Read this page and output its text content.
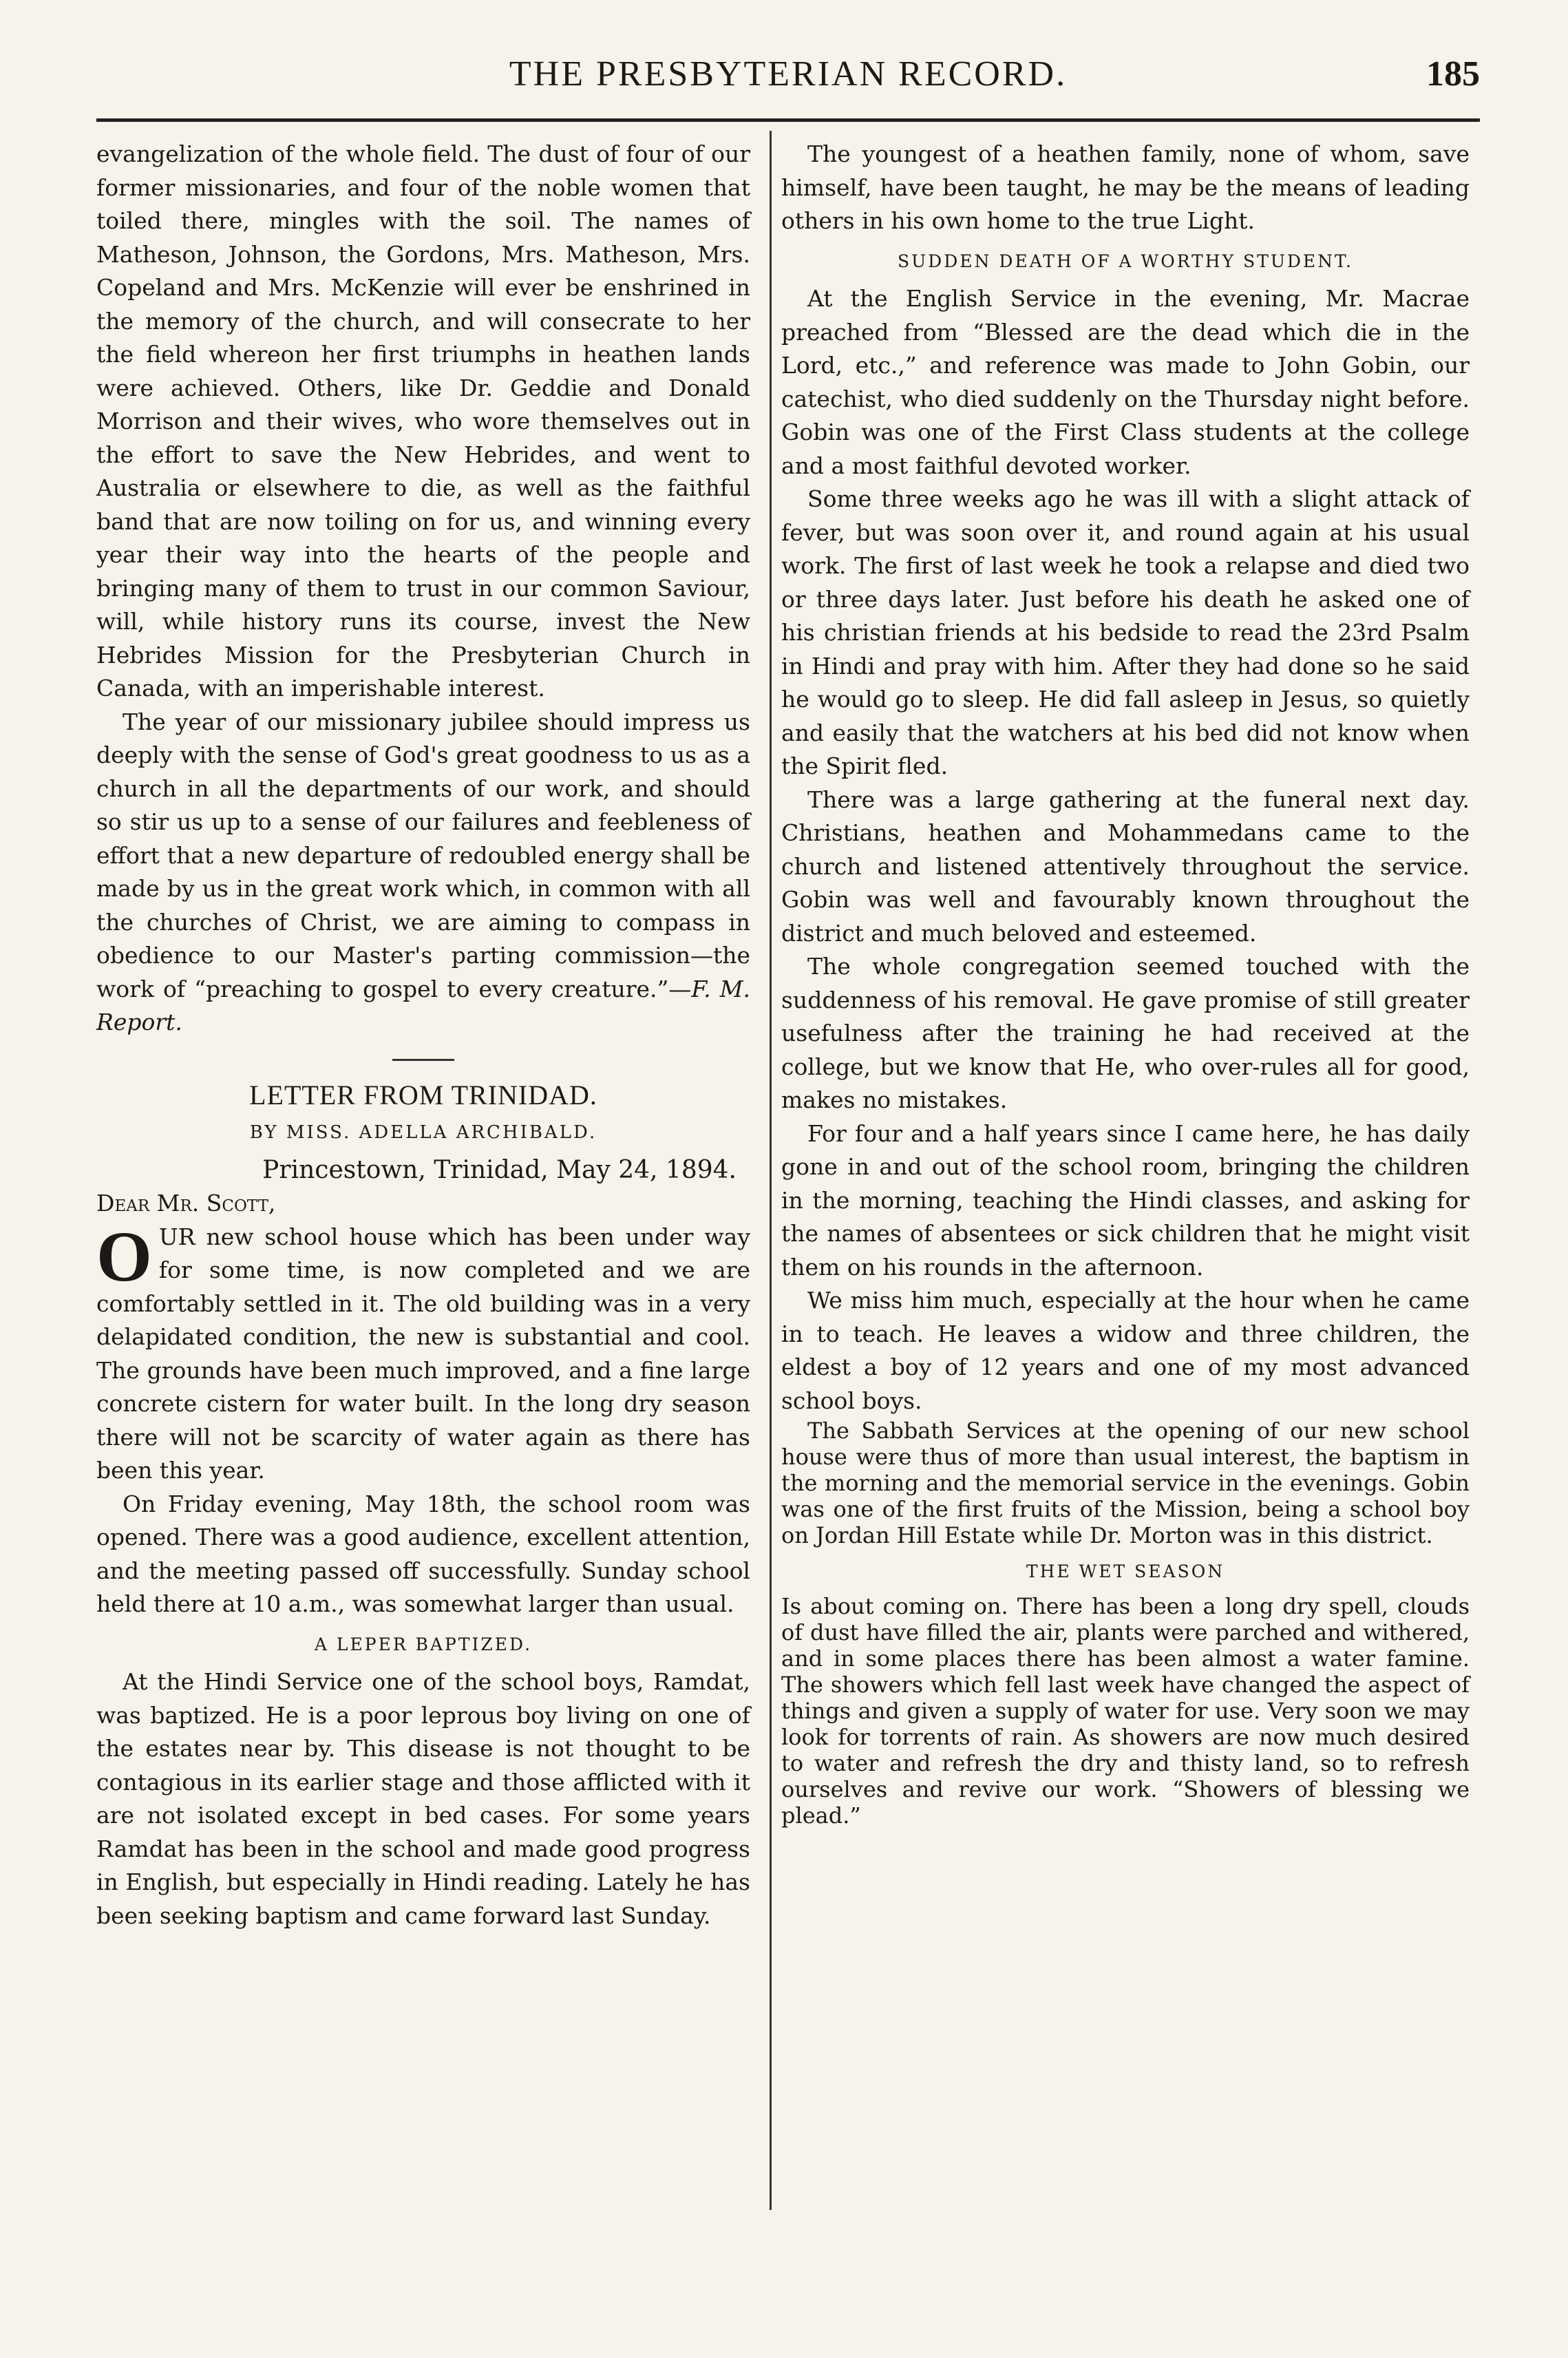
THE PRESBYTERIAN RECORD.	185

evangelization of the whole field. The dust of four of our former missionaries, and four of the noble women that toiled there, mingles with the soil. The names of Matheson, Johnson, the Gordons, Mrs. Matheson, Mrs. Copeland and Mrs. McKenzie will ever be enshrined in the memory of the church, and will consecrate to her the field whereon her first triumphs in heathen lands were achieved. Others, like Dr. Geddie and Donald Morrison and their wives, who wore themselves out in the effort to save the New Hebrides, and went to Australia or elsewhere to die, as well as the faithful band that are now toiling on for us, and winning every year their way into the hearts of the people and bringing many of them to trust in our common Saviour, will, while history runs its course, invest the New Hebrides Mission for the Presbyterian Church in Canada, with an imperishable interest.

The year of our missionary jubilee should impress us deeply with the sense of God's great goodness to us as a church in all the departments of our work, and should so stir us up to a sense of our failures and feebleness of effort that a new departure of redoubled energy shall be made by us in the great work which, in common with all the churches of Christ, we are aiming to compass in obedience to our Master's parting commission—the work of “preaching to gospel to every creature.”—F. M. Report.

LETTER FROM TRINIDAD.

BY MISS. ADELLA ARCHIBALD.

Princestown, Trinidad, May 24, 1894.

Dear Mr. Scott,

OUR new school house which has been under way for some time, is now completed and we are comfortably settled in it. The old building was in a very delapidated condition, the new is substantial and cool. The grounds have been much improved, and a fine large concrete cistern for water built. In the long dry season there will not be scarcity of water again as there has been this year.

On Friday evening, May 18th, the school room was opened. There was a good audience, excellent attention, and the meeting passed off successfully. Sunday school held there at 10 a.m., was somewhat larger than usual.

A LEPER BAPTIZED.

At the Hindi Service one of the school boys, Ramdat, was baptized. He is a poor leprous boy living on one of the estates near by. This disease is not thought to be contagious in its earlier stage and those afflicted with it are not isolated except in bed cases. For some years Ramdat has been in the school and made good progress in English, but especially in Hindi reading. Lately he has been seeking baptism and came forward last Sunday.

The youngest of a heathen family, none of whom, save himself, have been taught, he may be the means of leading others in his own home to the true Light.

SUDDEN DEATH OF A WORTHY STUDENT.

At the English Service in the evening, Mr. Macrae preached from “Blessed are the dead which die in the Lord, etc.,” and reference was made to John Gobin, our catechist, who died suddenly on the Thursday night before. Gobin was one of the First Class students at the college and a most faithful devoted worker.

Some three weeks ago he was ill with a slight attack of fever, but was soon over it, and round again at his usual work. The first of last week he took a relapse and died two or three days later. Just before his death he asked one of his christian friends at his bedside to read the 23rd Psalm in Hindi and pray with him. After they had done so he said he would go to sleep. He did fall asleep in Jesus, so quietly and easily that the watchers at his bed did not know when the Spirit fled.

There was a large gathering at the funeral next day. Christians, heathen and Mohammedans came to the church and listened attentively throughout the service. Gobin was well and favourably known throughout the district and much beloved and esteemed.

The whole congregation seemed touched with the suddenness of his removal. He gave promise of still greater usefulness after the training he had received at the college, but we know that He, who over-rules all for good, makes no mistakes.

For four and a half years since I came here, he has daily gone in and out of the school room, bringing the children in the morning, teaching the Hindi classes, and asking for the names of absentees or sick children that he might visit them on his rounds in the afternoon.

We miss him much, especially at the hour when he came in to teach. He leaves a widow and three children, the eldest a boy of 12 years and one of my most advanced school boys.

The Sabbath Services at the opening of our new school house were thus of more than usual interest, the baptism in the morning and the memorial service in the evenings. Gobin was one of the first fruits of the Mission, being a school boy on Jordan Hill Estate while Dr. Morton was in this district.

THE WET SEASON

Is about coming on. There has been a long dry spell, clouds of dust have filled the air, plants were parched and withered, and in some places there has been almost a water famine. The showers which fell last week have changed the aspect of things and given a supply of water for use. Very soon we may look for torrents of rain. As showers are now much desired to water and refresh the dry and thisty land, so to refresh ourselves and revive our work. “Showers of blessing we plead.”
